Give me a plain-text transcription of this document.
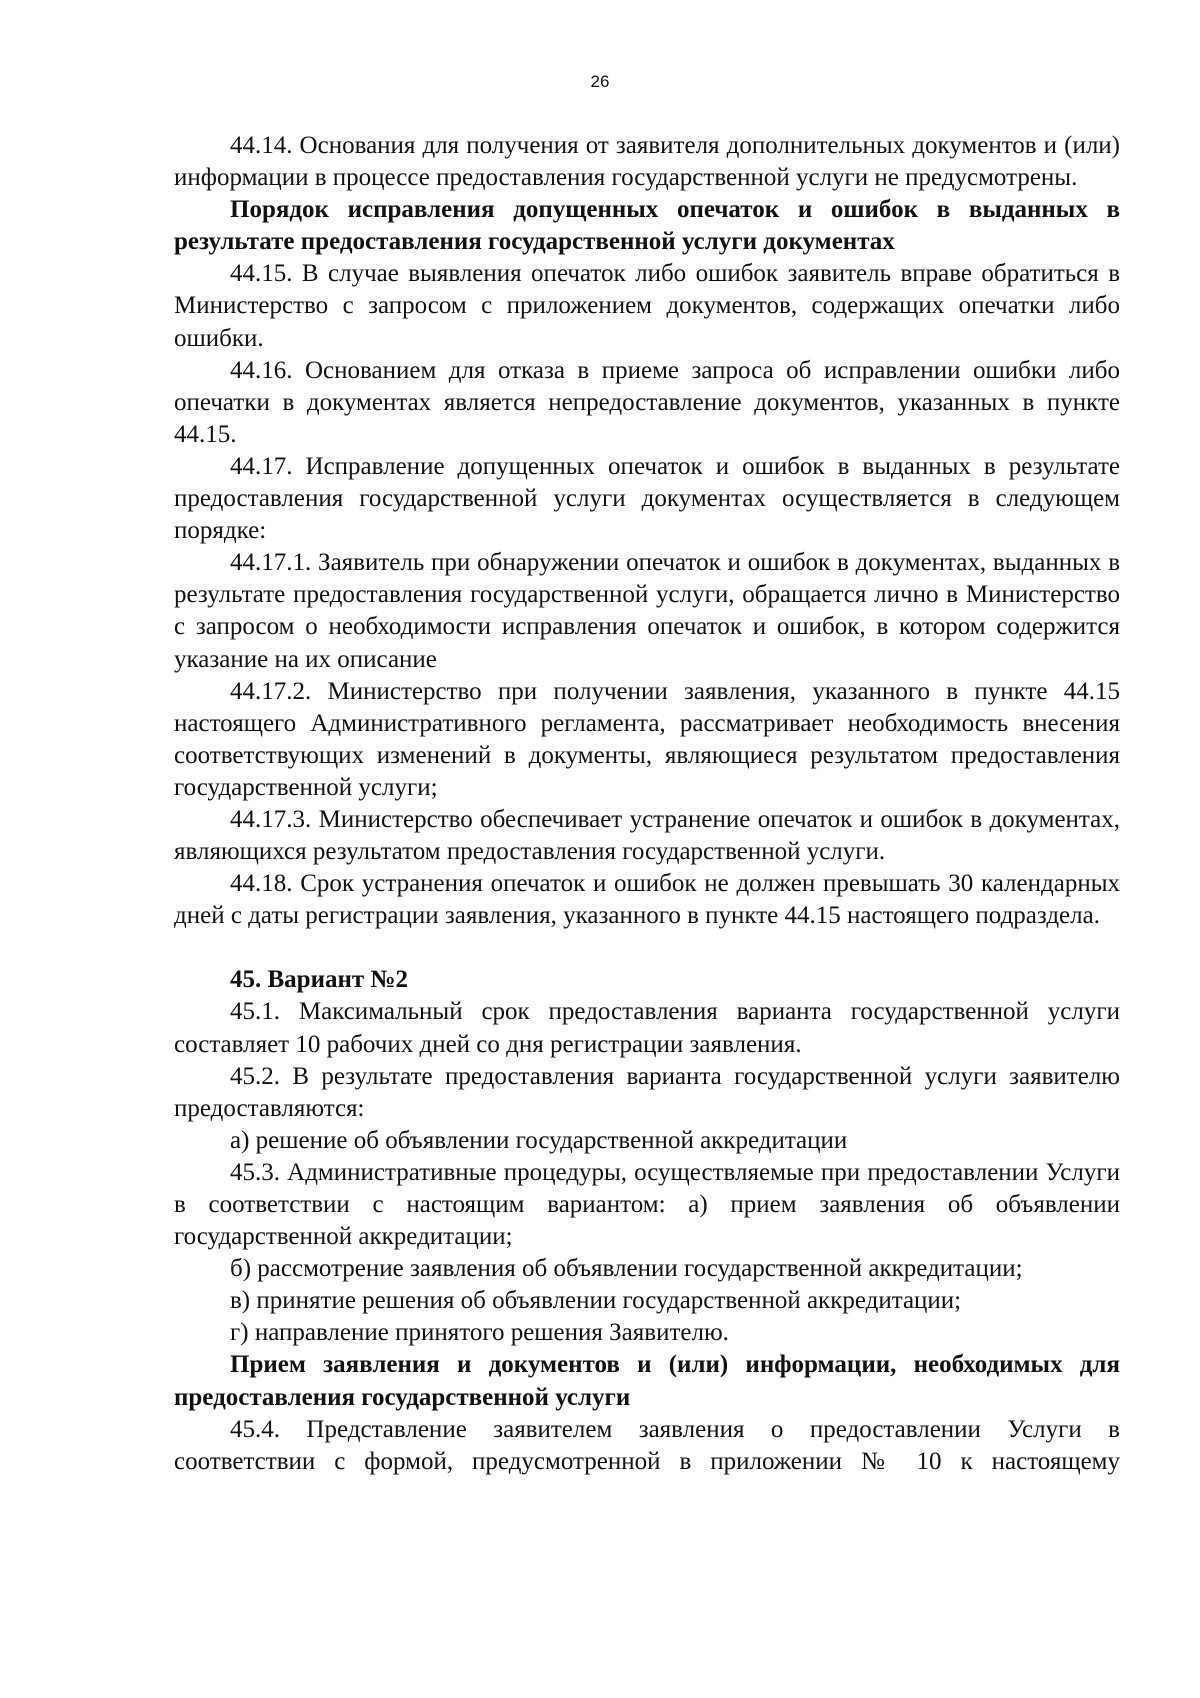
26

44.14. Основания для получения от заявителя дополнительных документов и (или) информации в процессе предоставления государственной услуги не предусмотрены.

Порядок исправления допущенных опечаток и ошибок в выданных в результате предоставления государственной услуги документах

44.15. В случае выявления опечаток либо ошибок заявитель вправе обратиться в Министерство с запросом с приложением документов, содержащих опечатки либо ошибки.

44.16. Основанием для отказа в приеме запроса об исправлении ошибки либо опечатки в документах является непредоставление документов, указанных в пункте 44.15.

44.17. Исправление допущенных опечаток и ошибок в выданных в результате предоставления государственной услуги документах осуществляется в следующем порядке:

44.17.1. Заявитель при обнаружении опечаток и ошибок в документах, выданных в результате предоставления государственной услуги, обращается лично в Министерство с запросом о необходимости исправления опечаток и ошибок, в котором содержится указание на их описание

44.17.2. Министерство при получении заявления, указанного в пункте 44.15 настоящего Административного регламента, рассматривает необходимость внесения соответствующих изменений в документы, являющиеся результатом предоставления государственной услуги;

44.17.3. Министерство обеспечивает устранение опечаток и ошибок в документах, являющихся результатом предоставления государственной услуги.

44.18. Срок устранения опечаток и ошибок не должен превышать 30 календарных дней с даты регистрации заявления, указанного в пункте 44.15 настоящего подраздела.

45. Вариант №2

45.1. Максимальный срок предоставления варианта государственной услуги составляет 10 рабочих дней со дня регистрации заявления.

45.2. В результате предоставления варианта государственной услуги заявителю предоставляются:

а) решение об объявлении государственной аккредитации

45.3. Административные процедуры, осуществляемые при предоставлении Услуги в соответствии с настоящим вариантом: а) прием заявления об объявлении государственной аккредитации;

б) рассмотрение заявления об объявлении государственной аккредитации;

в) принятие решения об объявлении государственной аккредитации;

г) направление принятого решения Заявителю.

Прием заявления и документов и (или) информации, необходимых для предоставления государственной услуги

45.4. Представление заявителем заявления о предоставлении Услуги в соответствии с формой, предусмотренной в приложении № 10 к настоящему
